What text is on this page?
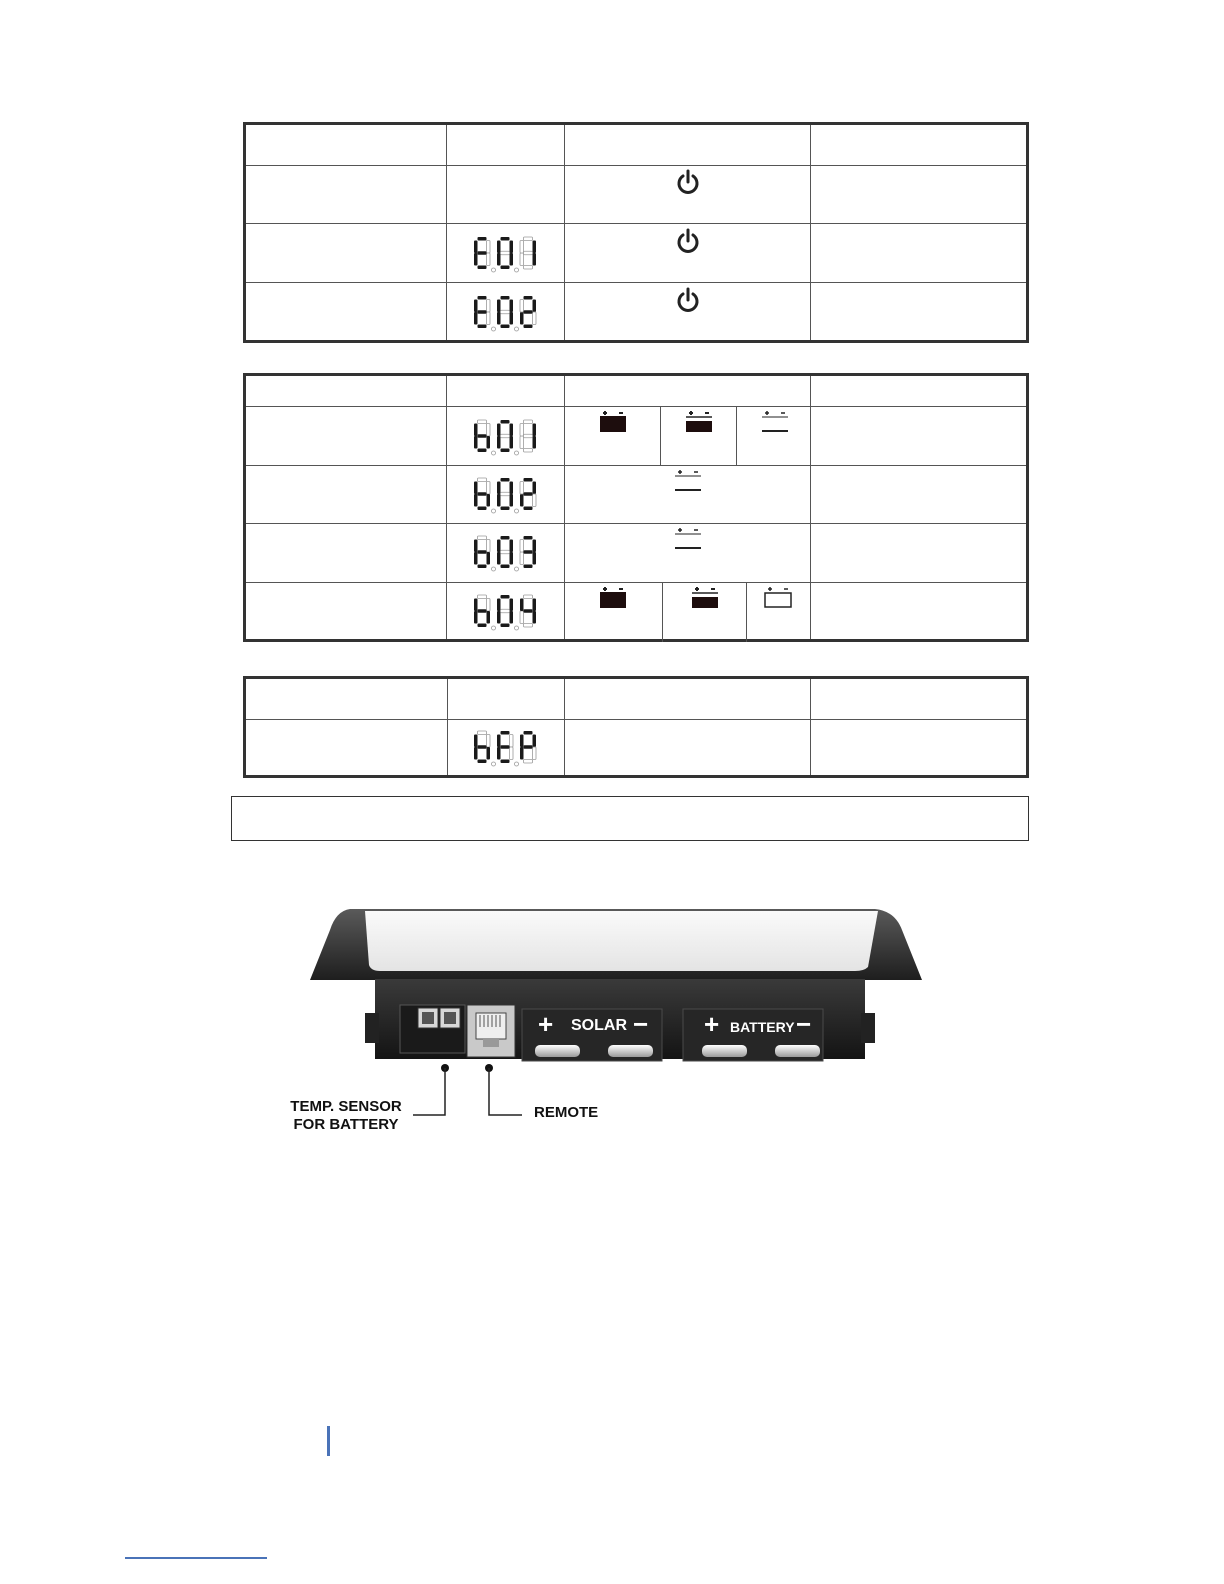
+ SOLAR − + BATTERY −
TEMP. SENSOR
FOR BATTERY
REMOTE
